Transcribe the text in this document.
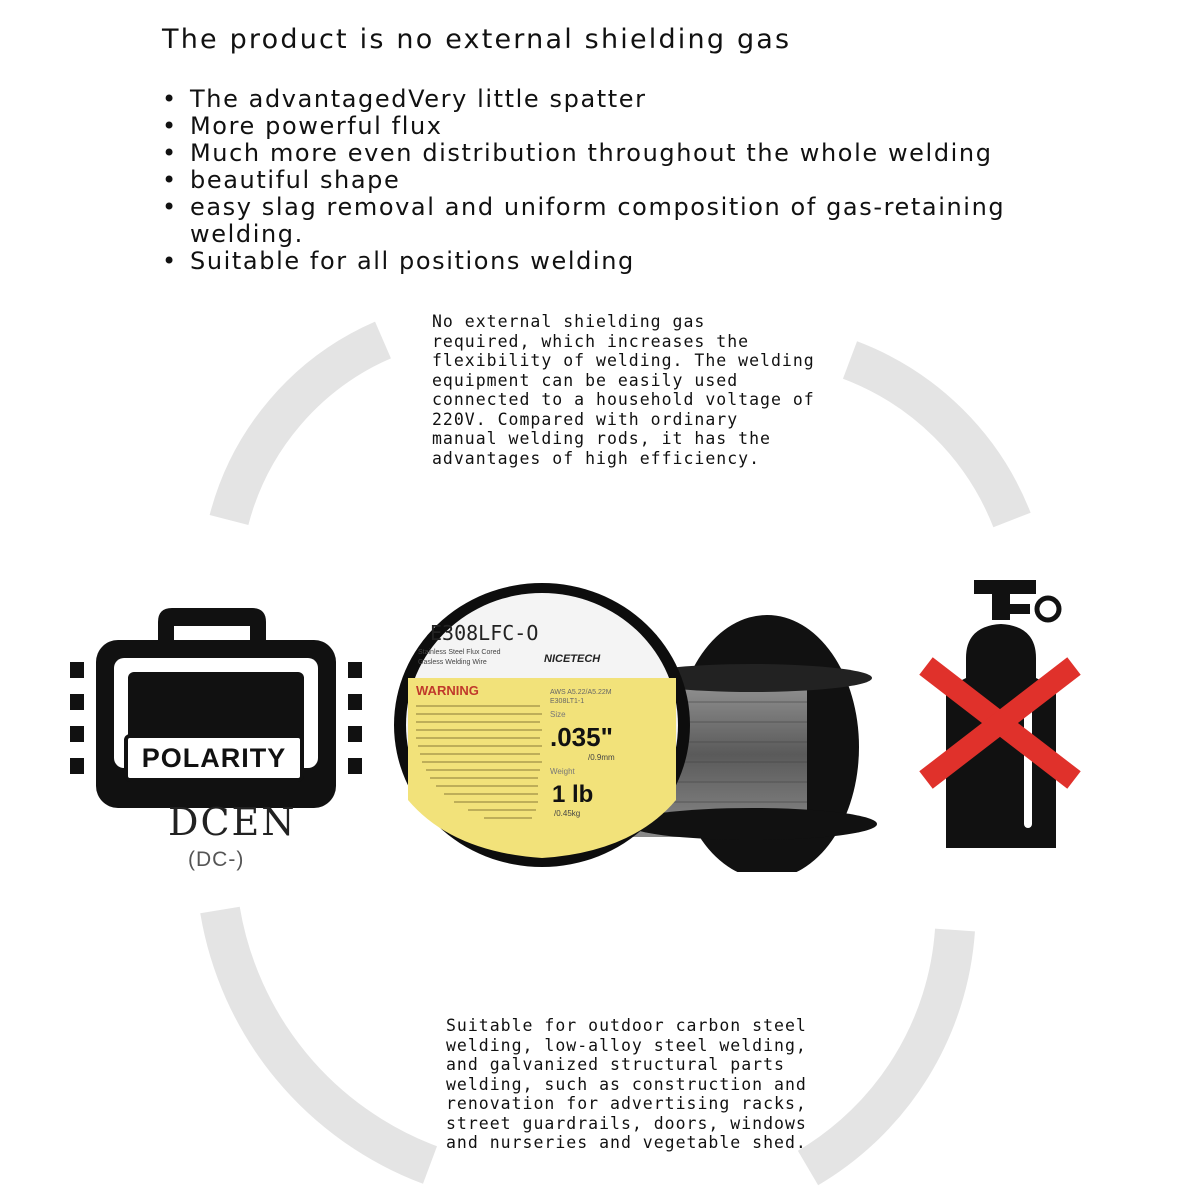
The product is no external shielding gas
• The advantagedVery little spatter
• More powerful flux
• Much more even distribution throughout the whole welding
• beautiful shape
• easy slag removal and uniform composition of gas-retaining welding.
• Suitable for all positions welding
No external shielding gas
required, which increases the
flexibility of welding. The welding
equipment can be easily used
connected to a household voltage of
220V. Compared with ordinary
manual welding rods, it has the
advantages of high efficiency.
Suitable for outdoor carbon steel
welding, low-alloy steel welding,
and galvanized structural parts
welding, such as construction and
renovation for advertising racks,
street guardrails, doors, windows
and nurseries and vegetable shed.
POLARITY
DCEN
(DC-)
E308LFC-O
NICETECH
Stainless Steel Flux Cored
Gasless Welding Wire
WARNING	AWS A5.22/A5.22M
E308LT1-1
Size
.035"
/0.9mm
Weight
1 lb
/0.45kg
